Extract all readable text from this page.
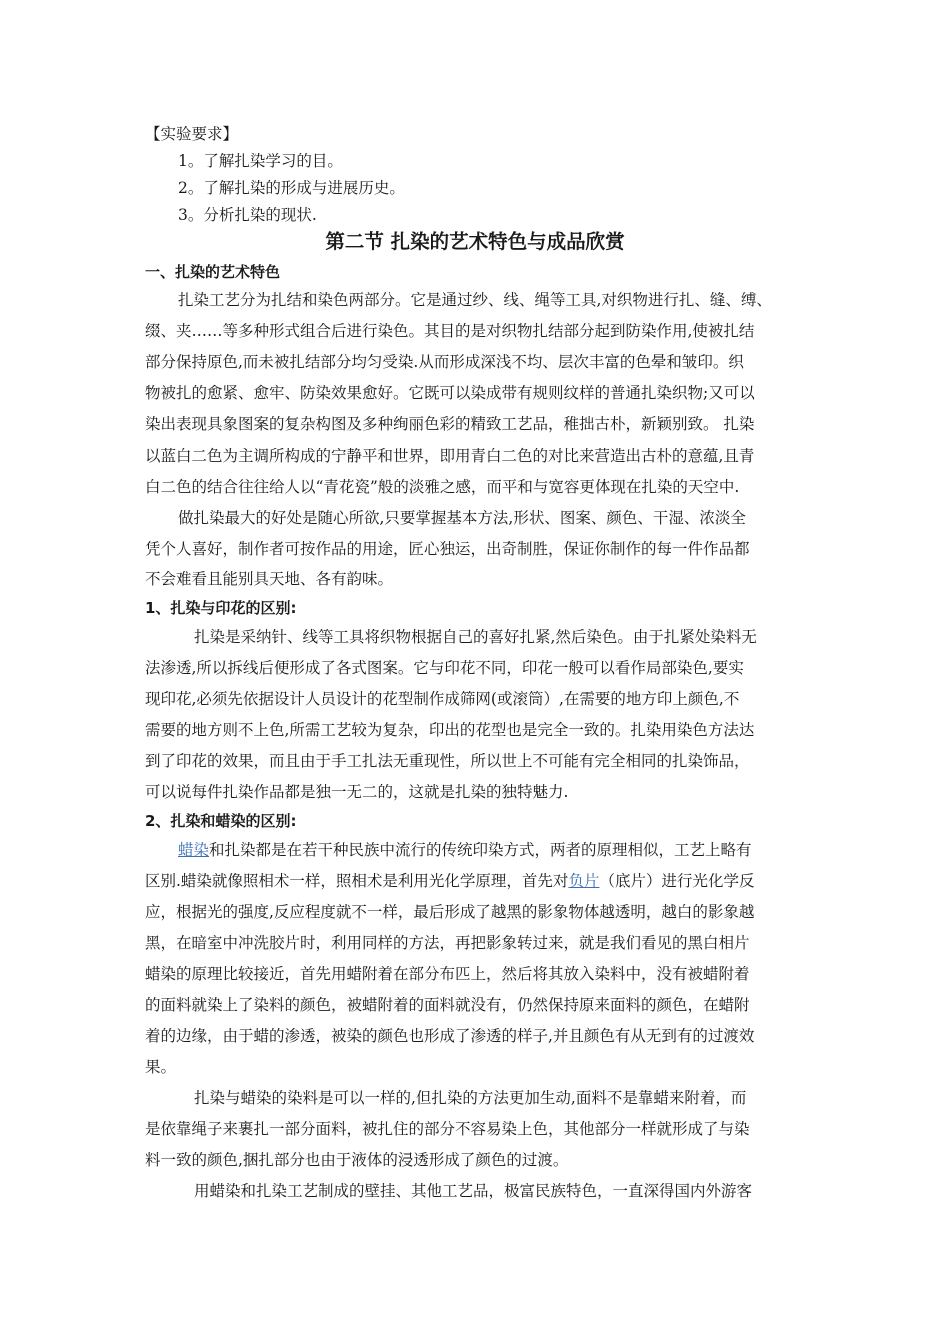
【实验要求】
1。了解扎染学习的目。
2。了解扎染的形成与进展历史。
3。分析扎染的现状.
第二节 扎染的艺术特色与成品欣赏
一、扎染的艺术特色
扎染工艺分为扎结和染色两部分。它是通过纱、线、绳等工具,对织物进行扎、缝、缚、
缀、夹……等多种形式组合后进行染色。其目的是对织物扎结部分起到防染作用,使被扎结
部分保持原色,而未被扎结部分均匀受染.从而形成深浅不均、层次丰富的色晕和皱印。织
物被扎的愈紧、愈牢、防染效果愈好。它既可以染成带有规则纹样的普通扎染织物;又可以
染出表现具象图案的复杂构图及多种绚丽色彩的精致工艺品，稚拙古朴，新颖别致。 扎染
以蓝白二色为主调所构成的宁静平和世界，即用青白二色的对比来营造出古朴的意蕴,且青
白二色的结合往往给人以“青花瓷”般的淡雅之感，而平和与宽容更体现在扎染的天空中.
做扎染最大的好处是随心所欲,只要掌握基本方法,形状、图案、颜色、干湿、浓淡全
凭个人喜好，制作者可按作品的用途，匠心独运，出奇制胜，保证你制作的每一件作品都
不会难看且能别具天地、各有韵味。
1、扎染与印花的区别:
扎染是采纳针、线等工具将织物根据自己的喜好扎紧,然后染色。由于扎紧处染料无
法渗透,所以拆线后便形成了各式图案。它与印花不同，印花一般可以看作局部染色,要实
现印花,必须先依据设计人员设计的花型制作成筛网(或滚筒）,在需要的地方印上颜色,不
需要的地方则不上色,所需工艺较为复杂，印出的花型也是完全一致的。扎染用染色方法达
到了印花的效果，而且由于手工扎法无重现性，所以世上不可能有完全相同的扎染饰品，
可以说每件扎染作品都是独一无二的，这就是扎染的独特魅力.
2、扎染和蜡染的区别:
蜡染和扎染都是在若干种民族中流行的传统印染方式，两者的原理相似，工艺上略有
区别.蜡染就像照相术一样，照相术是利用光化学原理，首先对负片（底片）进行光化学反
应，根据光的强度,反应程度就不一样，最后形成了越黑的影象物体越透明，越白的影象越
黑，在暗室中冲洗胶片时，利用同样的方法，再把影象转过来，就是我们看见的黑白相片
蜡染的原理比较接近，首先用蜡附着在部分布匹上，然后将其放入染料中，没有被蜡附着
的面料就染上了染料的颜色，被蜡附着的面料就没有，仍然保持原来面料的颜色，在蜡附
着的边缘，由于蜡的渗透，被染的颜色也形成了渗透的样子,并且颜色有从无到有的过渡效
果。
扎染与蜡染的染料是可以一样的,但扎染的方法更加生动,面料不是靠蜡来附着，而
是依靠绳子来裹扎一部分面料，被扎住的部分不容易染上色，其他部分一样就形成了与染
料一致的颜色,捆扎部分也由于液体的浸透形成了颜色的过渡。
用蜡染和扎染工艺制成的壁挂、其他工艺品，极富民族特色，一直深得国内外游客
